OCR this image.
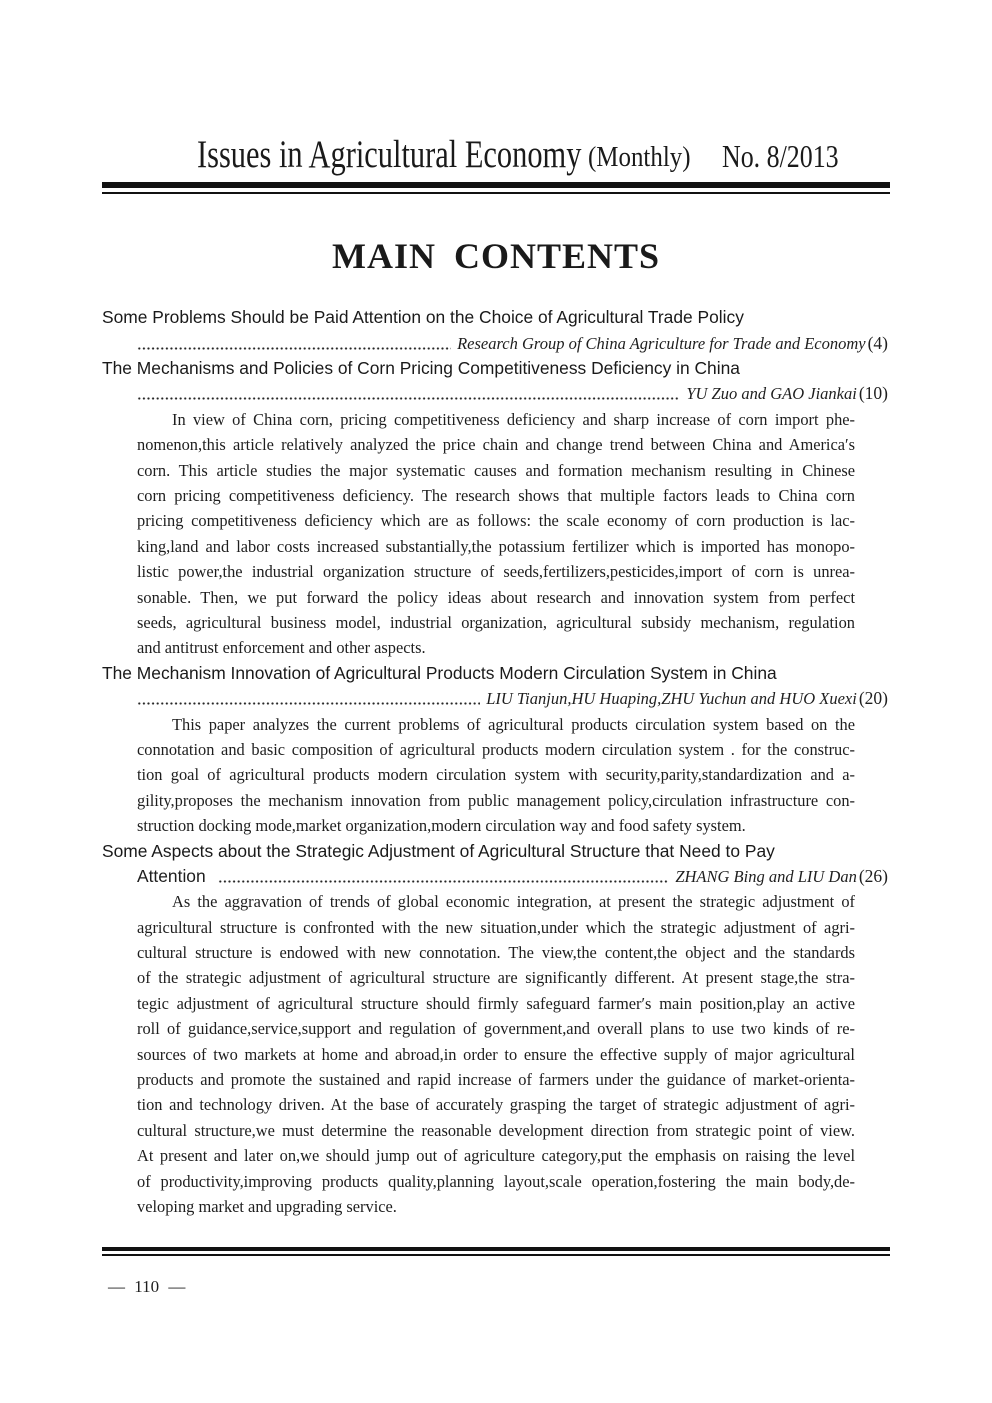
Issues in Agricultural Economy (Monthly) No. 8/2013
MAIN CONTENTS
Some Problems Should be Paid Attention on the Choice of Agricultural Trade Policy
Research Group of China Agriculture for Trade and Economy (4)
The Mechanisms and Policies of Corn Pricing Competitiveness Deficiency in China
YU Zuo and GAO Jiankai (10)
In view of China corn, pricing competitiveness deficiency and sharp increase of corn import phe-
nomenon,this article relatively analyzed the price chain and change trend between China and America′s
corn. This article studies the major systematic causes and formation mechanism resulting in Chinese
corn pricing competitiveness deficiency. The research shows that multiple factors leads to China corn
pricing competitiveness deficiency which are as follows: the scale economy of corn production is lac-
king,land and labor costs increased substantially,the potassium fertilizer which is imported has monopo-
listic power,the industrial organization structure of seeds,fertilizers,pesticides,import of corn is unrea-
sonable. Then, we put forward the policy ideas about research and innovation system from perfect
seeds, agricultural business model, industrial organization, agricultural subsidy mechanism, regulation
and antitrust enforcement and other aspects.
The Mechanism Innovation of Agricultural Products Modern Circulation System in China
LIU Tianjun,HU Huaping,ZHU Yuchun and HUO Xuexi (20)
This paper analyzes the current problems of agricultural products circulation system based on the
connotation and basic composition of agricultural products modern circulation system . for the construc-
tion goal of agricultural products modern circulation system with security,parity,standardization and a-
gility,proposes the mechanism innovation from public management policy,circulation infrastructure con-
struction docking mode,market organization,modern circulation way and food safety system.
Some Aspects about the Strategic Adjustment of Agricultural Structure that Need to Pay
Attention	ZHANG Bing and LIU Dan (26)
As the aggravation of trends of global economic integration, at present the strategic adjustment of
agricultural structure is confronted with the new situation,under which the strategic adjustment of agri-
cultural structure is endowed with new connotation. The view,the content,the object and the standards
of the strategic adjustment of agricultural structure are significantly different. At present stage,the stra-
tegic adjustment of agricultural structure should firmly safeguard farmer′s main position,play an active
roll of guidance,service,support and regulation of government,and overall plans to use two kinds of re-
sources of two markets at home and abroad,in order to ensure the effective supply of major agricultural
products and promote the sustained and rapid increase of farmers under the guidance of market-orienta-
tion and technology driven. At the base of accurately grasping the target of strategic adjustment of agri-
cultural structure,we must determine the reasonable development direction from strategic point of view.
At present and later on,we should jump out of agriculture category,put the emphasis on raising the level
of productivity,improving products quality,planning layout,scale operation,fostering the main body,de-
veloping market and upgrading service.
— 110 —
